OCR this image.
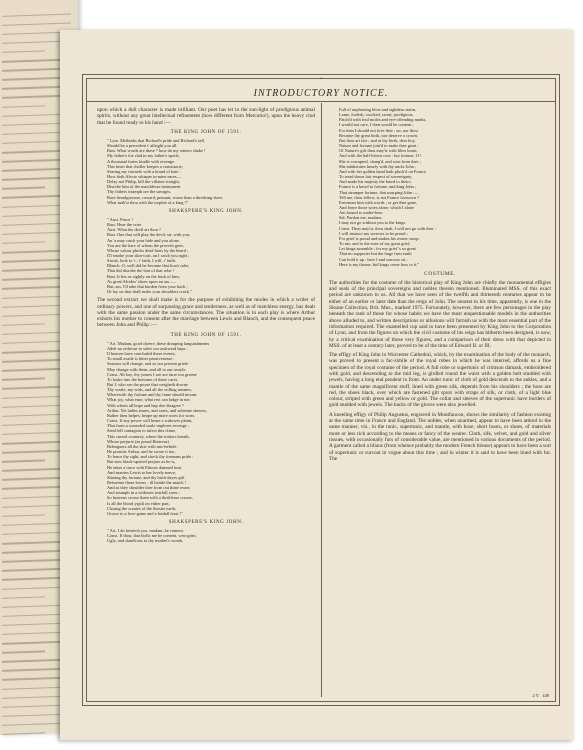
INTRODUCTORY NOTICE.

upon which a dull character is made brilliant. Our poet has let in the sun-light of prodigious animal spirits, without any great intellectual refinement (how different from Mercutio!), upon the heavy clod that he found ready to his hand :—

THE KING JOHN OF 1591.
" Lym. Methinks that Richard's pride and Richard's fall,
Should be a precedent t' affright you all.
Bast. What words are these ? how do my sinews shake !
My father's foe clad in my father's spoile,
A thousand furies kindle with revenge.
This heart that choller keepes a consistorie,
Searing my inwards with a brand of hate :
How doth Alecto whisper in mine eares—
Delay not Philip, kill the villaine straight,
Disrobe him of the matchlesse monument
Thy fathers triumph ore the savages,
Base heardgroome, coward, peasant, worse than a threshing slave,
What mak'st thou with the trophie of a king ?"
SHAKSPERE'S KING JOHN.
" Aust. Peace !
Bast. Hear the crier.
Aust. What the devil art thou ?
Bast. One that will play the devil, sir, with you,
An 'a may catch your hide and you alone.
You are the hare of whom the proverb goes,
Whose valour plucks dead lions by the beard ;
I'll smoke your skin-coat, an I catch you right ;
Sirrah, look to 't ; i' faith, I will, i' faith.
Blanch. O, well did he become that lion's robe,
That did disrobe the lion of that robe !
Bast. It lies as sightly on the back of him,
As great Alcides' shoes upon an ass :—
But, ass, I'll take that burden from your back ;
Or lay on that shall make your shoulders crack."

The second extract we shall make is for the purpose of exhibiting the modes in which a writer of ordinary powers, and one of surpassing grace and tenderness, as well as of matchless energy, has dealt with the same passion under the same circumstances. The situation is in each play is where Arthur exhorts his mother to consent after the marriage between Lewis and Blanch, and the consequent peace between John and Philip :—

THE KING JOHN OF 1591.
" Art. Madam, good cheere, these drouping languishments
Adde no redresse to salve our awkward haps :
If heaven have concluded these events,
To small availe is bitter pensivenesse :
Seasons will change, and so our present griefe
May change with them, and all to our avayle.
Const. Ah boy, thy yeares I see are farre too greene
To looke into the bottome of these cares.
But I, who see the poyse that weigheth downe
Thy weale, my wish, and all the willing meanes,
Wherewith thy fortune and thy fame should mount.
What joy, what ease, what rest can lodge in me,
With whom all hope and hap doe disagree ?
Arthur. Yet ladies teares, and cares, and solemne shewes,
Rather then helpes, heape up more woes for woes.
Const. If any power will heare a widowes plaint,
That from a wounded soule implores revenge ;
Send fell contagion to infect this clime,
This cursed countrey, where the traitors breath,
Whose perjurie (as proud Briareus)
Beleaguers all the skie with mis-beliefe.
He promist Arthur, and he sware it too,
To fence thy right, and check thy foemans pride :
But now black-spotted perjure as he is,
He takes a truce with Elinors damned brat,
And marries Lewis to her lovely neece,
Sharing thy fortune, and thy birth-dayes gift
Betweene these lovers : ill betide the match !
And as they shoulder thee from out thine owne,
And triumph in a widowes tearfull cares :
So heavens crosse them with a thriftlesse course,
Is all the blood yspilt on either part,
Closing the cranies of the thirstie earth,
Growe to a love-game and a bridall feast !"
SHAKSPERE'S KING JOHN.
" Art. I do beseech you, madam, be content.
Const. If thou, that bid'st me be content, wert grim,
Ugly, and sland'rous to thy mother's womb,
Full of unpleasing blots and sightless stains,
Lame, foolish, crooked, swart, prodigious,
Patch'd with foul moles and eye-offending marks,
I would not care, I then would be content ;
For then I should not love thee ; no, nor thou
Become thy great birth, nor deserve a crown.
But thou art fair ; and at thy birth, dear boy,
Nature and fortune join'd to make thee great :
Of Nature's gift thou may'st with lilies boast,
And with the half-blown rose : but fortune, O !
She is corrupted, chang'd, and won from thee ;
She adulterates hourly with thy uncle John ;
And with her golden hand hath pluck'd on France
To tread down fair respect of sovereignty,
And made his majesty the bawd to theirs.
France is a bawd to fortune, and king John ;
That strumpet fortune, that usurping John :—
Tell me, thou fellow, is not France forsworn ?
Envenom him with words ; or get thee gone,
And leave those woes alone, which I alone
Am bound to under-bear.
Sal. Pardon me, madam,
I may not go without you to the kings.
Const. Thou may'st, thou shalt, I will not go with thee :
I will instruct my sorrows to be proud ;
For grief is proud and makes his owner stoop.
To me, and to the state of my great grief,
Let kings assemble ; for my grief 's so great
That no supporter but the huge firm earth
Can hold it up : here I and sorrows sit ;
Here is my throne, bid kings come bow to it."
COSTUME.

The authorities for the costume of the historical play of King John are chiefly the monumental effigies and seals of the principal sovereigns and nobles therein mentioned. Illuminated MSS. of this exact period are unknown to us. All that we have seen of the twelfth and thirteenth centuries appear to be either of an earlier or later date than the reign of John. The nearest to his time, apparently, is one in the Sloane Collection, Brit. Mus., marked 1975. Fortunately, however, there are few personages in the play beneath the rank of those for whose habits we have the most unquestionable models in the authorities above alluded to, and written descriptions or allusions will furnish us with the most essential part of the information required. The enamelled cup said to have been presented by King John to the Corporation of Lynn, and from the figures on which the civil costume of his reign has hitherto been designed, is now, by a critical examination of those very figures, and a comparison of their dress with that depicted in MSS. of at least a century later, proved to be of the time of Edward II. or III.

The effigy of King John in Worcester Cathedral, which, by the examination of the body of the monarch, was proved to present a fac-simile of the royal robes in which he was interred, affords us a fine specimen of the royal costume of the period. A full robe or supertunic of crimson damask, embroidered with gold, and descending to the mid leg, is girdled round the waist with a golden belt studded with jewels, having a long end pendent in front. An under tunic of cloth of gold descends to the ankles, and a mantle of the same magnificent stuff, lined with green silk, depends from his shoulders ; the hose are red, the shoes black, over which are fastened gilt spurs with straps of silk, or cloth, of a light blue colour, striped with green and yellow or gold. The collar and sleeves of the supertunic have borders of gold studded with jewels. The backs of the gloves were also jewelled.

A kneeling effigy of Philip Augustus, engraved in Montfaucon, shows the similarity of fashion existing at the same time in France and England. The nobles, when unarmed, appear to have been attired in the same manner, viz., in the tunic, supertunic, and mantle, with hose, short boots, or shoes, of materials more or less rich according to the means or fancy of the wearer. Cloth, silk, velvet, and gold and silver tissues, with occasionally furs of considerable value, are mentioned in various documents of the period. A garment called a bliaus (from whence probably the modern French blouse) appears to have been a sort of supertunic or surcoat in vogue about this time ; and in winter it is said to have been lined with fur. The

2 Y 449
⸗
